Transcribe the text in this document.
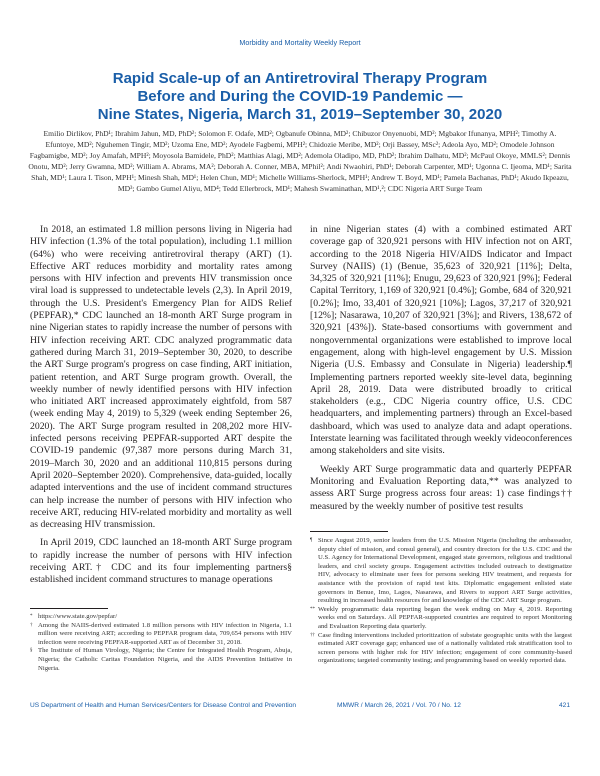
Morbidity and Mortality Weekly Report
Rapid Scale-up of an Antiretroviral Therapy Program
Before and During the COVID-19 Pandemic —
Nine States, Nigeria, March 31, 2019–September 30, 2020
Emilio Dirlikov, PhD¹; Ibrahim Jahun, MD, PhD²; Solomon F. Odafe, MD²; Ogbanufe Obinna, MD²; Chibuzor Onyenuobi, MD²; Mgbakor Ifunanya, MPH²; Timothy A. Efuntoye, MD²; Nguhemen Tingir, MD²; Uzoma Ene, MD²; Ayodele Fagbemi, MPH²; Chidozie Meribe, MD²; Orji Bassey, MSc²; Adeola Ayo, MD²; Omodele Johnson Fagbamigbe, MD²; Joy Amafah, MPH²; Moyosola Bamidele, PhD²; Matthias Alagi, MD²; Ademola Oladipo, MD, PhD²; Ibrahim Dalhatu, MD²; McPaul Okoye, MMLS²; Dennis Onotu, MD²; Jerry Gwamna, MD²; William A. Abrams, MA²; Deborah A. Conner, MBA, MPhil²; Andi Nwaohiri, PhD¹; Deborah Carpenter, MD¹; Ugonna C. Ijeoma, MD¹; Sarita Shah, MD¹; Laura I. Tison, MPH¹; Minesh Shah, MD¹; Helen Chun, MD¹; Michelle Williams-Sherlock, MPH¹; Andrew T. Boyd, MD¹; Pamela Bachanas, PhD¹; Akudo Ikpeazu, MD³; Gambo Gumel Aliyu, MD⁴; Tedd Ellerbrock, MD¹; Mahesh Swaminathan, MD¹,²; CDC Nigeria ART Surge Team

In 2018, an estimated 1.8 million persons living in Nigeria had HIV infection (1.3% of the total population), including 1.1 million (64%) who were receiving antiretroviral therapy (ART) (1). Effective ART reduces morbidity and mortality rates among persons with HIV infection and prevents HIV transmission once viral load is suppressed to undetectable levels (2,3). In April 2019, through the U.S. President's Emergency Plan for AIDS Relief (PEPFAR),* CDC launched an 18-month ART Surge program in nine Nigerian states to rapidly increase the number of persons with HIV infection receiving ART. CDC analyzed programmatic data gathered during March 31, 2019–September 30, 2020, to describe the ART Surge program's progress on case finding, ART initiation, patient retention, and ART Surge program growth. Overall, the weekly number of newly identified persons with HIV infection who initiated ART increased approximately eightfold, from 587 (week ending May 4, 2019) to 5,329 (week ending September 26, 2020). The ART Surge program resulted in 208,202 more HIV-infected persons receiving PEPFAR-supported ART despite the COVID-19 pandemic (97,387 more persons during March 31, 2019–March 30, 2020 and an additional 110,815 persons during April 2020–September 2020). Comprehensive, data-guided, locally adapted interventions and the use of incident command structures can help increase the number of persons with HIV infection who receive ART, reducing HIV-related morbidity and mortality as well as decreasing HIV transmission.

In April 2019, CDC launched an 18-month ART Surge program to rapidly increase the number of persons with HIV infection receiving ART.† CDC and its four implementing partners§ established incident command structures to manage operations

in nine Nigerian states (4) with a combined estimated ART coverage gap of 320,921 persons with HIV infection not on ART, according to the 2018 Nigeria HIV/AIDS Indicator and Impact Survey (NAIIS) (1) (Benue, 35,623 of 320,921 [11%]; Delta, 34,325 of 320,921 [11%]; Enugu, 29,623 of 320,921 [9%]; Federal Capital Territory, 1,169 of 320,921 [0.4%]; Gombe, 684 of 320,921 [0.2%]; Imo, 33,401 of 320,921 [10%]; Lagos, 37,217 of 320,921 [12%]; Nasarawa, 10,207 of 320,921 [3%]; and Rivers, 138,672 of 320,921 [43%]). State-based consortiums with government and nongovernmental organizations were established to improve local engagement, along with high-level engagement by U.S. Mission Nigeria (U.S. Embassy and Consulate in Nigeria) leadership.¶ Implementing partners reported weekly site-level data, beginning April 28, 2019. Data were distributed broadly to critical stakeholders (e.g., CDC Nigeria country office, U.S. CDC headquarters, and implementing partners) through an Excel-based dashboard, which was used to analyze data and adapt operations. Interstate learning was facilitated through weekly videoconferences among stakeholders and site visits.

Weekly ART Surge programmatic data and quarterly PEPFAR Monitoring and Evaluation Reporting data,** was analyzed to assess ART Surge progress across four areas: 1) case findings†† measured by the weekly number of positive test results

* https://www.state.gov/pepfar/
† Among the NAIIS-derived estimated 1.8 million persons with HIV infection in Nigeria, 1.1 million were receiving ART; according to PEPFAR program data, 709,654 persons with HIV infection were receiving PEPFAR-supported ART as of December 31, 2018.
§ The Institute of Human Virology, Nigeria; the Centre for Integrated Health Program, Abuja, Nigeria; the Catholic Caritas Foundation Nigeria, and the AIDS Prevention Initiative in Nigeria.
¶ Since August 2019, senior leaders from the U.S. Mission Nigeria (including the ambassador, deputy chief of mission, and consul general), and country directors for the U.S. CDC and the U.S. Agency for International Development, engaged state governors, religious and traditional leaders, and civil society groups. Engagement activities included outreach to destigmatize HIV, advocacy to eliminate user fees for persons seeking HIV treatment, and requests for assistance with the provision of rapid test kits. Diplomatic engagement enlisted state governors in Benue, Imo, Lagos, Nasarawa, and Rivers to support ART Surge activities, resulting in increased health resources for and knowledge of the CDC ART Surge program.
** Weekly programmatic data reporting began the week ending on May 4, 2019. Reporting weeks end on Saturdays. All PEPFAR-supported countries are required to report Monitoring and Evaluation Reporting data quarterly.
†† Case finding interventions included prioritization of substate geographic units with the largest estimated ART coverage gap; enhanced use of a nationally validated risk stratification tool to screen persons with higher risk for HIV infection; engagement of core community-based organizations; targeted community testing; and programming based on weekly reported data.
US Department of Health and Human Services/Centers for Disease Control and Prevention	MMWR / March 26, 2021 / Vol. 70 / No. 12	421
